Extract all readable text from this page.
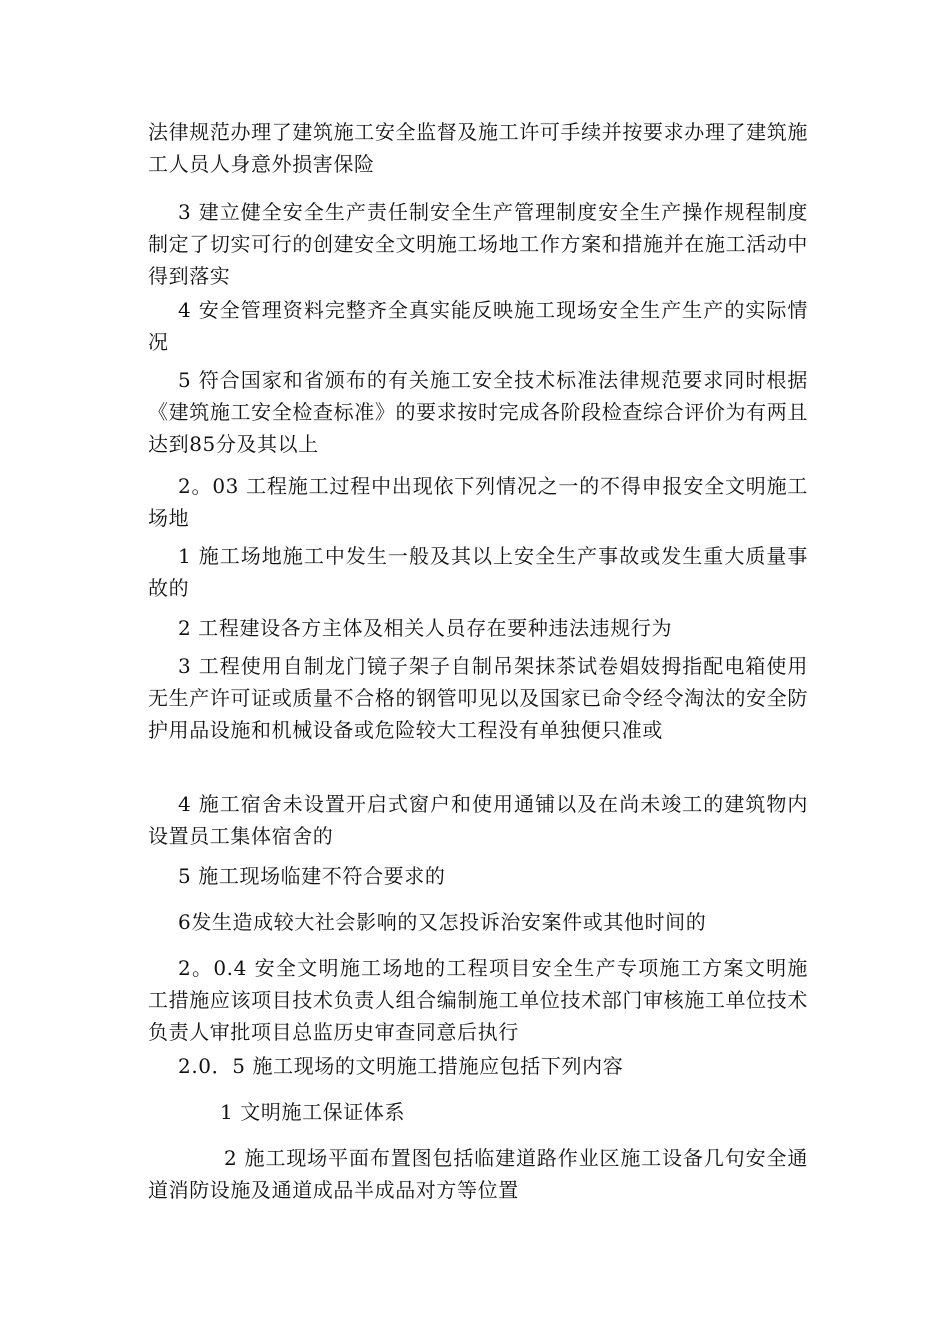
法律规范办理了建筑施工安全监督及施工许可手续并按要求办理了建筑施工人员人身意外损害保险

3 建立健全安全生产责任制安全生产管理制度安全生产操作规程制度制定了切实可行的创建安全文明施工场地工作方案和措施并在施工活动中得到落实

4 安全管理资料完整齐全真实能反映施工现场安全生产生产的实际情况

5 符合国家和省颁布的有关施工安全技术标准法律规范要求同时根据《建筑施工安全检查标准》的要求按时完成各阶段检查综合评价为有两且达到85分及其以上

2。03 工程施工过程中出现依下列情况之一的不得申报安全文明施工场地

1 施工场地施工中发生一般及其以上安全生产事故或发生重大质量事故的

2 工程建设各方主体及相关人员存在要种违法违规行为

3 工程使用自制龙门镜子架子自制吊架抹茶试卷娼妓拇指配电箱使用无生产许可证或质量不合格的钢管叩见以及国家已命令经令淘汰的安全防护用品设施和机械设备或危险较大工程没有单独便只准或

4 施工宿舍未设置开启式窗户和使用通铺以及在尚未竣工的建筑物内设置员工集体宿舍的

5 施工现场临建不符合要求的

6发生造成较大社会影响的又怎投诉治安案件或其他时间的

2。0.4 安全文明施工场地的工程项目安全生产专项施工方案文明施工措施应该项目技术负责人组合编制施工单位技术部门审核施工单位技术负责人审批项目总监历史审查同意后执行

2.0．5 施工现场的文明施工措施应包括下列内容

1 文明施工保证体系

2 施工现场平面布置图包括临建道路作业区施工设备几句安全通道消防设施及通道成品半成品对方等位置
